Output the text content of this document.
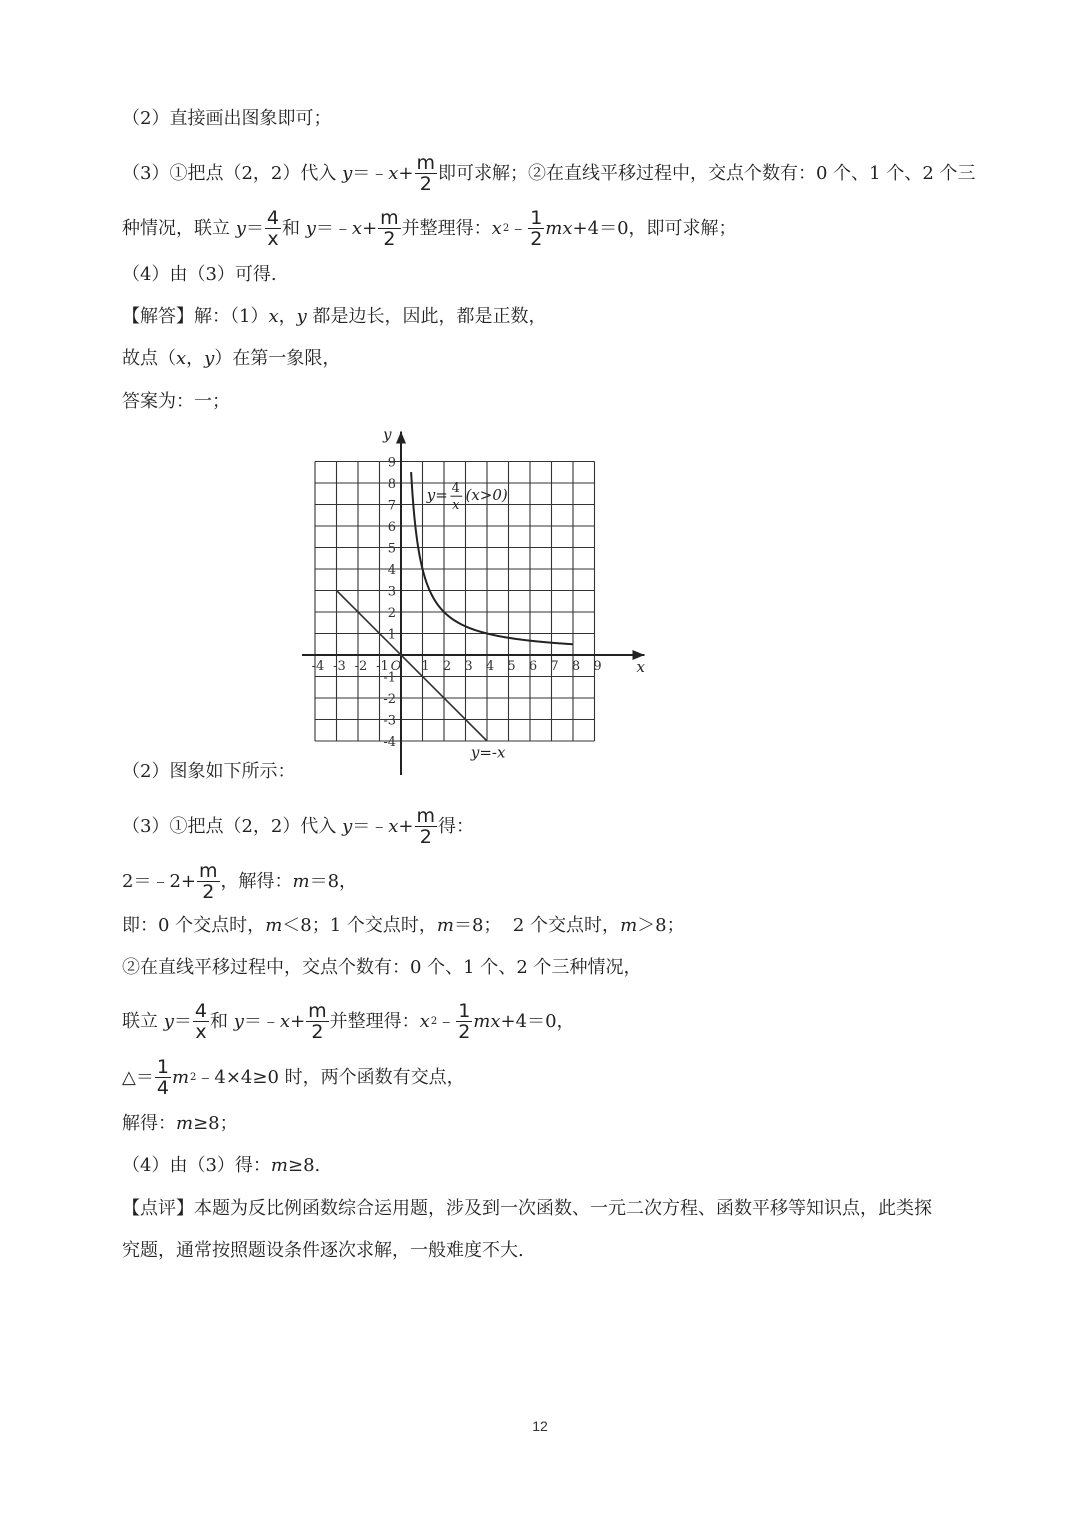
（2）直接画出图象即可；
（3）①把点（2，2）代入 y ＝﹣ $x + \frac{m}{2}$ 即可求解；②在直线平移过程中，交点个数有：0 个、1 个、2 个三
种情况，联立 $y = \frac{4}{x}$ 和 y ＝﹣ $x + \frac{m}{2}$ 并整理得： x 2 ﹣ $\frac{1}{2}$ mx +4＝0，即可求解；
（4）由（3）可得.
【解答】 解：（1） x ， y 都是边长，因此，都是正数，
故点（ x ， y ）在第一象限，
答案为：一；
x
y
-4 -3 -2 -1 O 1 2 3 4 5 6 7 8 9
9
8
7
6
5
4
3
2
1
-1
-2
-3
-4
y= 4
x
(x>0)
y=-x
（2）图象如下所示：
（3）①把点（2，2）代入 y ＝﹣ $x + \frac{m}{2}$ 得：
2＝﹣2+ $\frac{m}{2}$ ，解得： m ＝8，
即：0 个交点时， m ＜8；1 个交点时， m ＝8；  2 个交点时， m ＞8；
②在直线平移过程中，交点个数有：0 个、1 个、2 个三种情况，
联立 $y = \frac{4}{x}$ 和 y ＝﹣ $x + \frac{m}{2}$ 并整理得： x 2 ﹣ $\frac{1}{2}$ mx +4＝0，
△＝ $\frac{1}{4}$ m 2 ﹣4×4≥0 时，两个函数有交点，
解得： m ≥8；
（4）由（3）得： m ≥8.
【点评】 本题为反比例函数综合运用题，涉及到一次函数、一元二次方程、函数平移等知识点，此类探
究题，通常按照题设条件逐次求解，一般难度不大.
12
